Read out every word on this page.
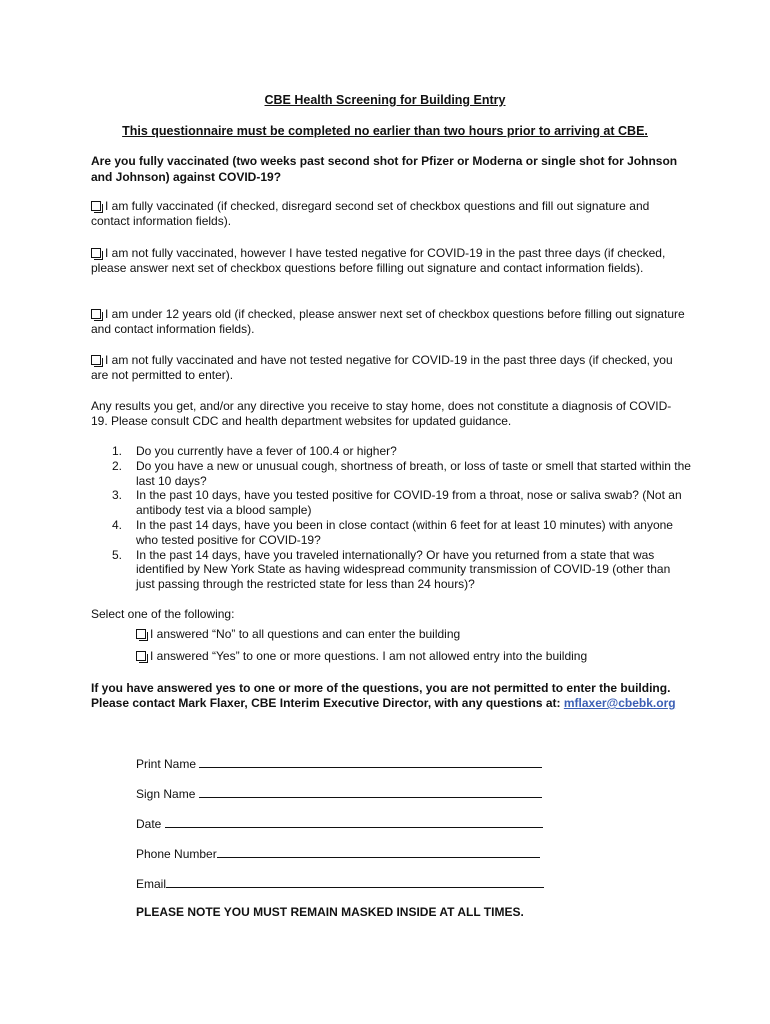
CBE Health Screening for Building Entry
This questionnaire must be completed no earlier than two hours prior to arriving at CBE.
Are you fully vaccinated (two weeks past second shot for Pfizer or Moderna or single shot for Johnson and Johnson) against COVID-19?
I am fully vaccinated (if checked, disregard second set of checkbox questions and fill out signature and contact information fields).
I am not fully vaccinated, however I have tested negative for COVID-19 in the past three days (if checked, please answer next set of checkbox questions before filling out signature and contact information fields).
I am under 12 years old (if checked, please answer next set of checkbox questions before filling out signature and contact information fields).
I am not fully vaccinated and have not tested negative for COVID-19 in the past three days (if checked, you are not permitted to enter).
Any results you get, and/or any directive you receive to stay home, does not constitute a diagnosis of COVID-19. Please consult CDC and health department websites for updated guidance.
1. Do you currently have a fever of 100.4 or higher?
2. Do you have a new or unusual cough, shortness of breath, or loss of taste or smell that started within the last 10 days?
3. In the past 10 days, have you tested positive for COVID-19 from a throat, nose or saliva swab? (Not an antibody test via a blood sample)
4. In the past 14 days, have you been in close contact (within 6 feet for at least 10 minutes) with anyone who tested positive for COVID-19?
5. In the past 14 days, have you traveled internationally? Or have you returned from a state that was identified by New York State as having widespread community transmission of COVID-19 (other than just passing through the restricted state for less than 24 hours)?
Select one of the following:
I answered “No” to all questions and can enter the building
I answered “Yes” to one or more questions. I am not allowed entry into the building
If you have answered yes to one or more of the questions, you are not permitted to enter the building. Please contact Mark Flaxer, CBE Interim Executive Director, with any questions at: mflaxer@cbebk.org
Print Name
Sign Name
Date
Phone Number
Email
PLEASE NOTE YOU MUST REMAIN MASKED INSIDE AT ALL TIMES.
